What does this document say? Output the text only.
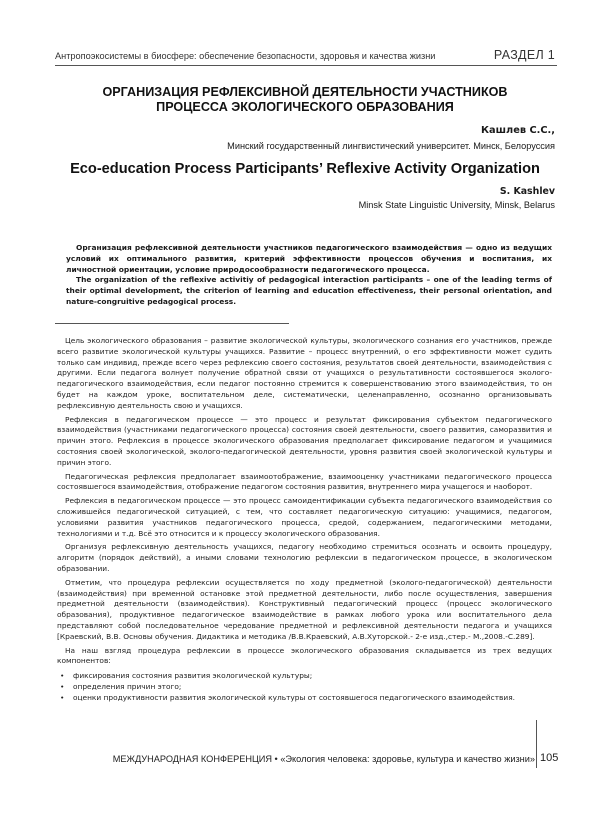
Антропоэкосистемы в биосфере: обеспечение безопасности, здоровья и качества жизни	РАЗДЕЛ 1
ОРГАНИЗАЦИЯ РЕФЛЕКСИВНОЙ ДЕЯТЕЛЬНОСТИ УЧАСТНИКОВ
ПРОЦЕССА ЭКОЛОГИЧЕСКОГО ОБРАЗОВАНИЯ
Кашлев С.С.,
Минский государственный лингвистический университет. Минск, Белоруссия
Eco-education Process Participants’ Reflexive Activity Organization
S. Kashlev
Minsk State Linguistic University, Minsk, Belarus

Организация рефлексивной деятельности участников педагогического взаимодействия — одно из ведущих условий их оптимального развития, критерий эффективности процессов обучения и воспитания, их личностной ориентации, условие природосообразности педагогического процесса.

The organization of the reflexive activitiy of pedagogical interaction participants – one of the leading terms of their optimal development, the criterion of learning and education effectiveness, their personal orientation, and nature-congruitive pedagogical process.

Цель экологического образования – развитие экологической культуры, экологического сознания его участников, прежде всего развитие экологической культуры учащихся. Развитие – процесс внутренний, о его эффективности может судить только сам индивид, прежде всего через рефлексию своего состояния, результатов своей деятельности, взаимодействия с другими. Если педагога волнует получение обратной связи от учащихся о результативности состоявшегося эколого-педагогического взаимодействия, если педагог постоянно стремится к совершенствованию этого взаимодействия, то он будет на каждом уроке, воспитательном деле, систематически, целенаправленно, осознанно организовывать рефлексивную деятельность свою и учащихся.

Рефлексия в педагогическом процессе — это процесс и результат фиксирования субъектом педагогического взаимодействия (участниками педагогического процесса) состояния своей деятельности, своего развития, саморазвития и причин этого. Рефлексия в процессе экологического образования предполагает фиксирование педагогом и учащимися состояния своей экологической, эколого-педагогической деятельности, уровня развития своей экологической культуры и причин этого.

Педагогическая рефлексия предполагает взаимоотображение, взаимооценку участниками педагогического процесса состоявшегося взаимодействия, отображение педагогом состояния развития, внутреннего мира учащегося и наоборот.

Рефлексия в педагогическом процессе — это процесс самоидентификации субъекта педагогического взаимодействия со сложившейся педагогической ситуацией, с тем, что составляет педагогическую ситуацию: учащимися, педагогом, условиями развития участников педагогического процесса, средой, содержанием, педагогическими методами, технологиями и т.д. Всё это относится и к процессу экологического образования.

Организуя рефлексивную деятельность учащихся, педагогу необходимо стремиться осознать и освоить процедуру, алгоритм (порядок действий), а иными словами технологию рефлексии в педагогическом процессе, в экологическом образовании.

Отметим, что процедура рефлексии осуществляется по ходу предметной (эколого-педагогической) деятельности (взаимодействия) при временной остановке этой предметной деятельности, либо после осуществления, завершения предметной деятельности (взаимодействия). Конструктивный педагогический процесс (процесс экологического образования), продуктивное педагогическое взаимодействие в рамках любого урока или воспитательного дела представляют собой последовательное чередование предметной и рефлексивной деятельности педагога и учащихся [Краевский, В.В. Основы обучения. Дидактика и методика /В.В.Краевский, А.В.Хуторской.- 2-е изд.,стер.- М.,2008.-С.289].

На наш взгляд процедура рефлексии в процессе экологического образования складывается из трех ведущих компонентов:

• фиксирования состояния развития экологической культуры;
• определения причин этого;
• оценки продуктивности развития экологической культуры от состоявшегося педагогического взаимодействия.
МЕЖДУНАРОДНАЯ КОНФЕРЕНЦИЯ • «Экология человека: здоровье, культура и качество жизни» 105
